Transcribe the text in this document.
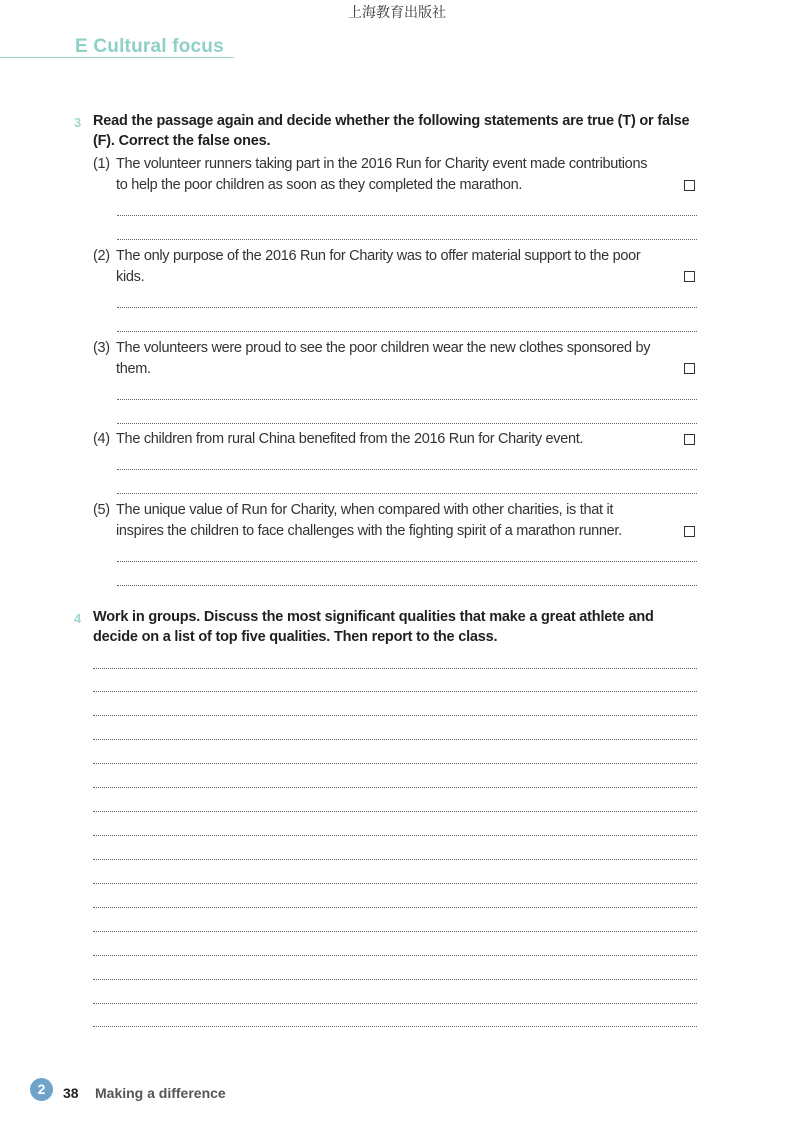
上海教育出版社
E Cultural focus
3 Read the passage again and decide whether the following statements are true (T) or false (F). Correct the false ones.
(1) The volunteer runners taking part in the 2016 Run for Charity event made contributions to help the poor children as soon as they completed the marathon.
(2) The only purpose of the 2016 Run for Charity was to offer material support to the poor kids.
(3) The volunteers were proud to see the poor children wear the new clothes sponsored by them.
(4) The children from rural China benefited from the 2016 Run for Charity event.
(5) The unique value of Run for Charity, when compared with other charities, is that it inspires the children to face challenges with the fighting spirit of a marathon runner.
4 Work in groups. Discuss the most significant qualities that make a great athlete and decide on a list of top five qualities. Then report to the class.
2	38 Making a difference
